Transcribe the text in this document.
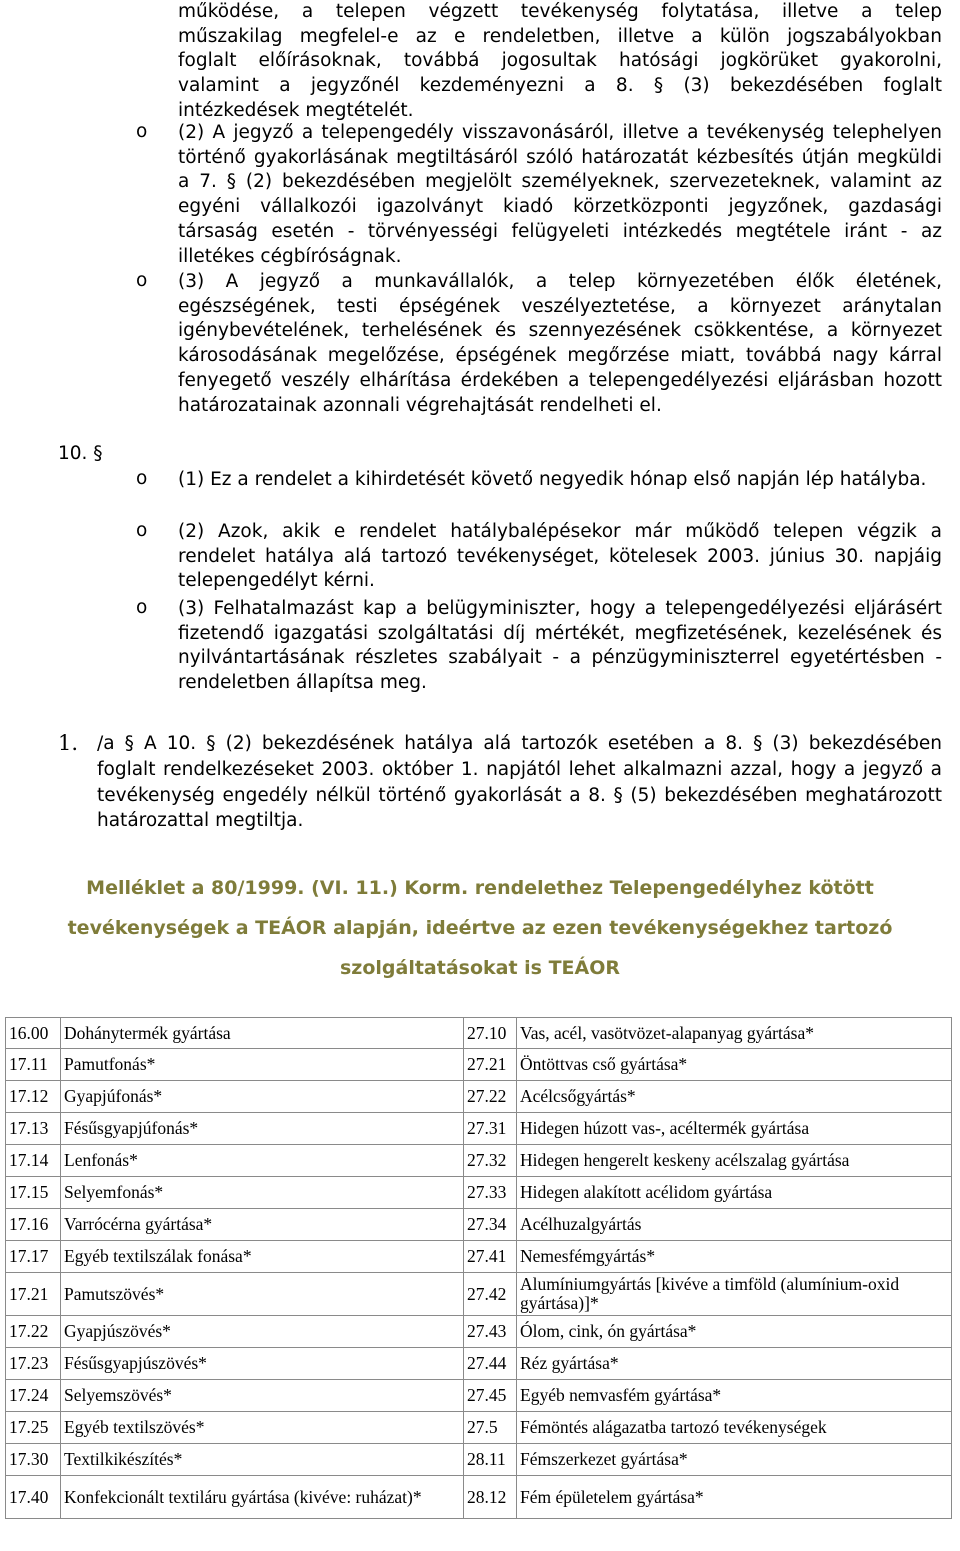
működése, a telepen végzett tevékenység folytatása, illetve a telep
műszakilag megfelel-e az e rendeletben, illetve a külön jogszabályokban
foglalt előírásoknak, továbbá jogosultak hatósági jogkörüket gyakorolni,
valamint a jegyzőnél kezdeményezni a 8. § (3) bekezdésében foglalt
intézkedések megtételét.
o (2) A jegyző a telepengedély visszavonásáról, illetve a tevékenység telephelyen történő gyakorlásának megtiltásáról szóló határozatát kézbesítés útján megküldi a 7. § (2) bekezdésében megjelölt személyeknek, szervezeteknek, valamint az egyéni vállalkozói igazolványt kiadó körzetközponti jegyzőnek, gazdasági társaság esetén - törvényességi felügyeleti intézkedés megtétele iránt - az illetékes cégbíróságnak.
o (3) A jegyző a munkavállalók, a telep környezetében élők életének, egészségének, testi épségének veszélyeztetése, a környezet aránytalan igénybevételének, terhelésének és szennyezésének csökkentése, a környezet károsodásának megelőzése, épségének megőrzése miatt, továbbá nagy kárral fenyegető veszély elhárítása érdekében a telepengedélyezési eljárásban hozott határozatainak azonnali végrehajtását rendelheti el.
10. §
o (1) Ez a rendelet a kihirdetését követő negyedik hónap első napján lép hatályba.
o (2) Azok, akik e rendelet hatálybalépésekor már működő telepen végzik a rendelet hatálya alá tartozó tevékenységet, kötelesek 2003. június 30. napjáig telepengedélyt kérni.
o (3) Felhatalmazást kap a belügyminiszter, hogy a telepengedélyezési eljárásért fizetendő igazgatási szolgáltatási díj mértékét, megfizetésének, kezelésének és nyilvántartásának részletes szabályait - a pénzügyminiszterrel egyetértésben - rendeletben állapítsa meg.
1. /a § A 10. § (2) bekezdésének hatálya alá tartozók esetében a 8. § (3) bekezdésében foglalt rendelkezéseket 2003. október 1. napjától lehet alkalmazni azzal, hogy a jegyző a tevékenység engedély nélkül történő gyakorlását a 8. § (5) bekezdésében meghatározott határozattal megtiltja.
Melléklet a 80/1999. (VI. 11.) Korm. rendelethez Telepengedélyhez kötött
tevékenységek a TEÁOR alapján, ideértve az ezen tevékenységekhez tartozó
szolgáltatásokat is TEÁOR
16.00	Dohánytermék gyártása	27.10	Vas, acél, vasötvözet-alapanyag gyártása*
17.11	Pamutfonás*	27.21	Öntöttvas cső gyártása*
17.12	Gyapjúfonás*	27.22	Acélcsőgyártás*
17.13	Fésűsgyapjúfonás*	27.31	Hidegen húzott vas-, acéltermék gyártása
17.14	Lenfonás*	27.32	Hidegen hengerelt keskeny acélszalag gyártása
17.15	Selyemfonás*	27.33	Hidegen alakított acélidom gyártása
17.16	Varrócérna gyártása*	27.34	Acélhuzalgyártás
17.17	Egyéb textilszálak fonása*	27.41	Nemesfémgyártás*
17.21	Pamutszövés*	27.42	Alumíniumgyártás [kivéve a timföld (alumínium-oxid gyártása)]*
17.22	Gyapjúszövés*	27.43	Ólom, cink, ón gyártása*
17.23	Fésűsgyapjúszövés*	27.44	Réz gyártása*
17.24	Selyemszövés*	27.45	Egyéb nemvasfém gyártása*
17.25	Egyéb textilszövés*	27.5	Fémöntés alágazatba tartozó tevékenységek
17.30	Textilkikészítés*	28.11	Fémszerkezet gyártása*
17.40	Konfekcionált textiláru gyártása (kivéve: ruházat)*	28.12	Fém épületelem gyártása*
